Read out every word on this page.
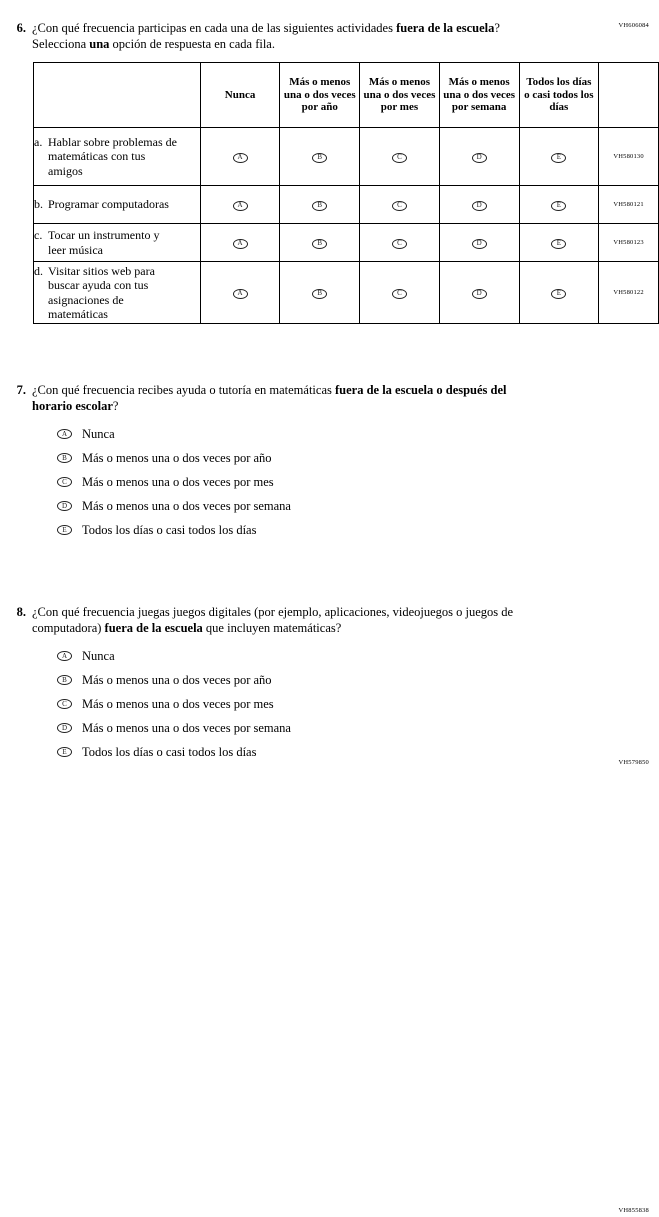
VH606084
6. ¿Con qué frecuencia participas en cada una de las siguientes actividades fuera de la escuela? Selecciona una opción de respuesta en cada fila.
	Nunca	Más o menos una o dos veces por año	Más o menos una o dos veces por mes	Más o menos una o dos veces por semana	Todos los días o casi todos los días	
a. Hablar sobre problemas de matemáticas con tus amigos	A	B	C	D	E	VH580130
b. Programar computadoras	A	B	C	D	E	VH580121
c. Tocar un instrumento y leer música	A	B	C	D	E	VH580123
d. Visitar sitios web para buscar ayuda con tus asignaciones de matemáticas	A	B	C	D	E	VH580122
VH579850
7. ¿Con qué frecuencia recibes ayuda o tutoría en matemáticas fuera de la escuela o después del horario escolar?
A	Nunca
B	Más o menos una o dos veces por año
C	Más o menos una o dos veces por mes
D	Más o menos una o dos veces por semana
E	Todos los días o casi todos los días
VH855838
8. ¿Con qué frecuencia juegas juegos digitales (por ejemplo, aplicaciones, videojuegos o juegos de computadora) fuera de la escuela que incluyen matemáticas?
A	Nunca
B	Más o menos una o dos veces por año
C	Más o menos una o dos veces por mes
D	Más o menos una o dos veces por semana
E	Todos los días o casi todos los días
